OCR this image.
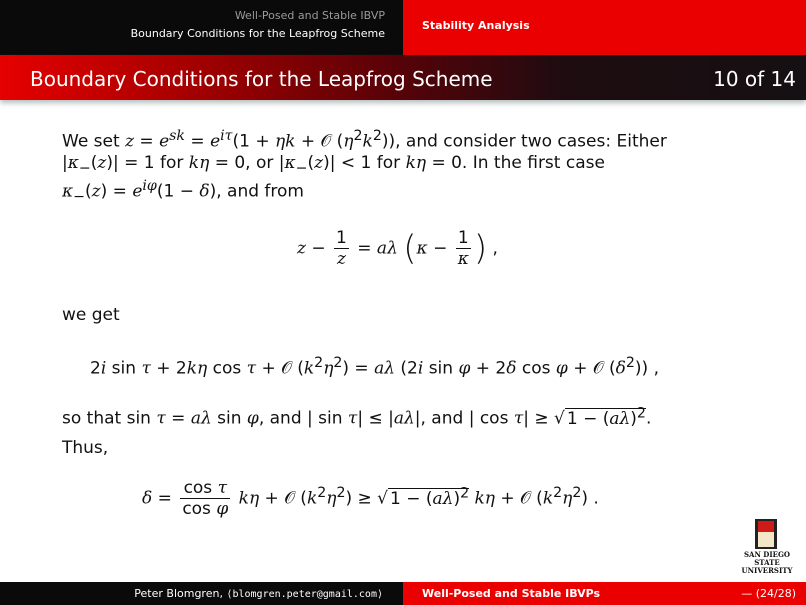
Well-Posed and Stable IBVP
Boundary Conditions for the Leapfrog Scheme
Stability Analysis
Boundary Conditions for the Leapfrog Scheme	10 of 14
We set $z = e^{sk} = e^{i\tau}(1 + \eta k$ + 𝒪 $(\eta^2k^2)$), and consider two cases: Either
$|\kappa_-(z)| = 1$ for kη = 0, or $|\kappa_-(z)| < 1$ for kη = 0. In the first case
$\kappa_-(z) = e^{i\varphi}(1 - \delta)$, and from
$z - \frac{1}{z} = a\lambda$ ($\kappa - \frac{1}{\kappa}$ ) ,
we get
2i sin τ + 2kη cos τ + 𝒪 $(k^2\eta^2) = a\lambda$ (2i sin φ + 2δ cos φ + 𝒪 $(\delta^2)$) ,
so that sin τ = aλ sin φ, and | sin τ| ≤ |aλ|, and | cos τ| ≥ √ $1 - (a\lambda)^2$.
Thus,
$\delta = \frac{\text{cos τ}}{\text{cos φ}}$ kη + 𝒪 $(k^2\eta^2)$ ≥ √ $1 - (a\lambda)^2$ kη + 𝒪 $(k^2\eta^2)$ .
SAN DIEGO STATE
UNIVERSITY
Peter Blomgren, ⟨blomgren.peter@gmail.com⟩	Well-Posed and Stable IBVPs	— (24/28)
